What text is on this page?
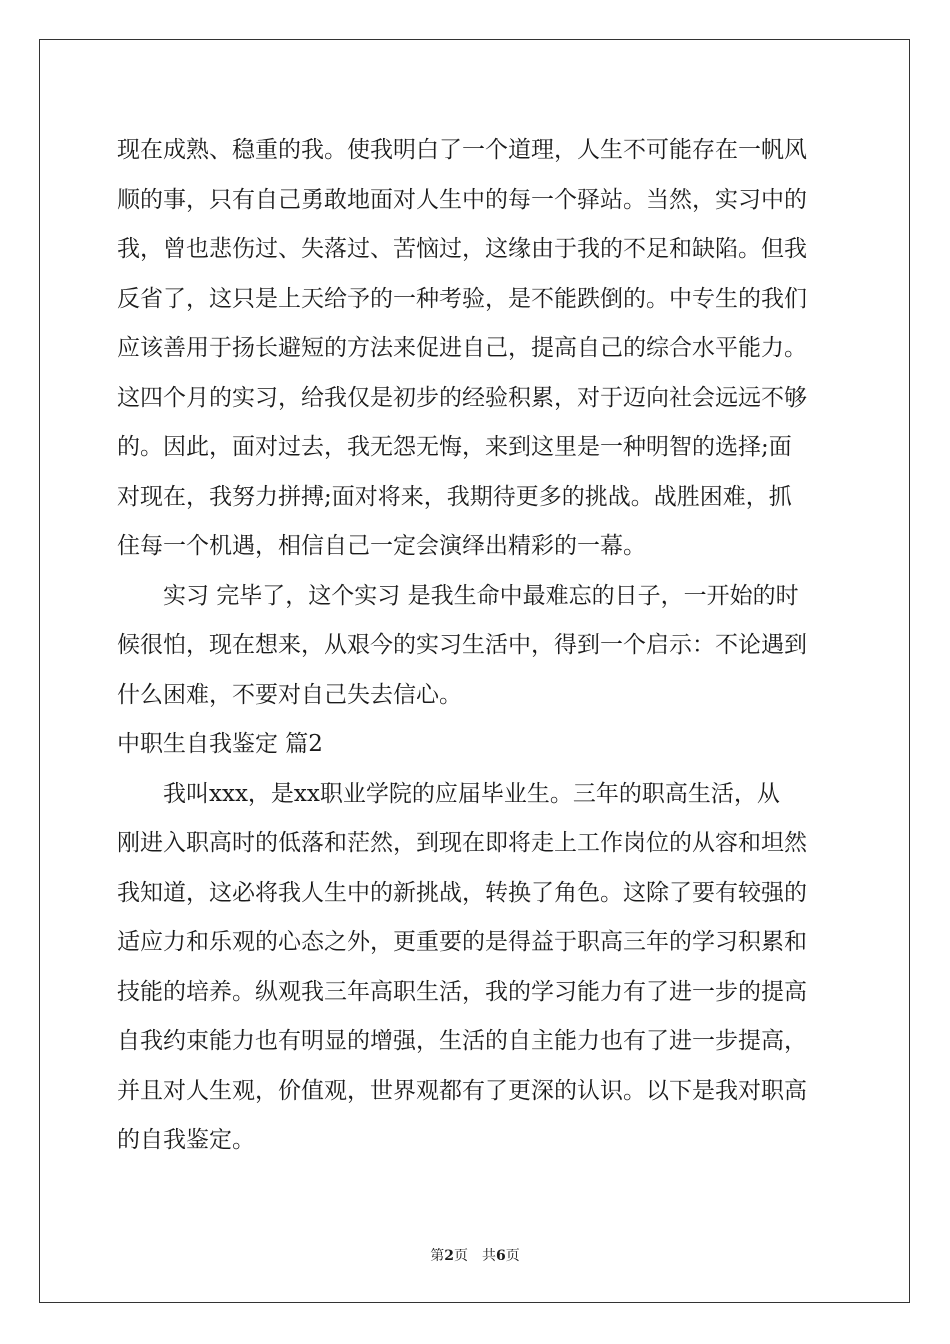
现在成熟、稳重的我。使我明白了一个道理，人生不可能存在一帆风
顺的事，只有自己勇敢地面对人生中的每一个驿站。当然，实习中的
我，曾也悲伤过、失落过、苦恼过，这缘由于我的不足和缺陷。但我
反省了，这只是上天给予的一种考验，是不能跌倒的。中专生的我们
应该善用于扬长避短的方法来促进自己，提高自己的综合水平能力。
这四个月的实习，给我仅是初步的经验积累，对于迈向社会远远不够
的。因此，面对过去，我无怨无悔，来到这里是一种明智的选择;面
对现在，我努力拼搏;面对将来，我期待更多的挑战。战胜困难，抓
住每一个机遇，相信自己一定会演绎出精彩的一幕。
实习 完毕了，这个实习 是我生命中最难忘的日子，一开始的时
候很怕，现在想来，从艰今的实习生活中，得到一个启示：不论遇到
什么困难，不要对自己失去信心。
中职生自我鉴定 篇2
我叫xxx，是xx职业学院的应届毕业生。三年的职高生活，从
刚进入职高时的低落和茫然，到现在即将走上工作岗位的从容和坦然
我知道，这必将我人生中的新挑战，转换了角色。这除了要有较强的
适应力和乐观的心态之外，更重要的是得益于职高三年的学习积累和
技能的培养。纵观我三年高职生活，我的学习能力有了进一步的提高
自我约束能力也有明显的增强，生活的自主能力也有了进一步提高，
并且对人生观，价值观，世界观都有了更深的认识。以下是我对职高
的自我鉴定。
第2页 共6页
